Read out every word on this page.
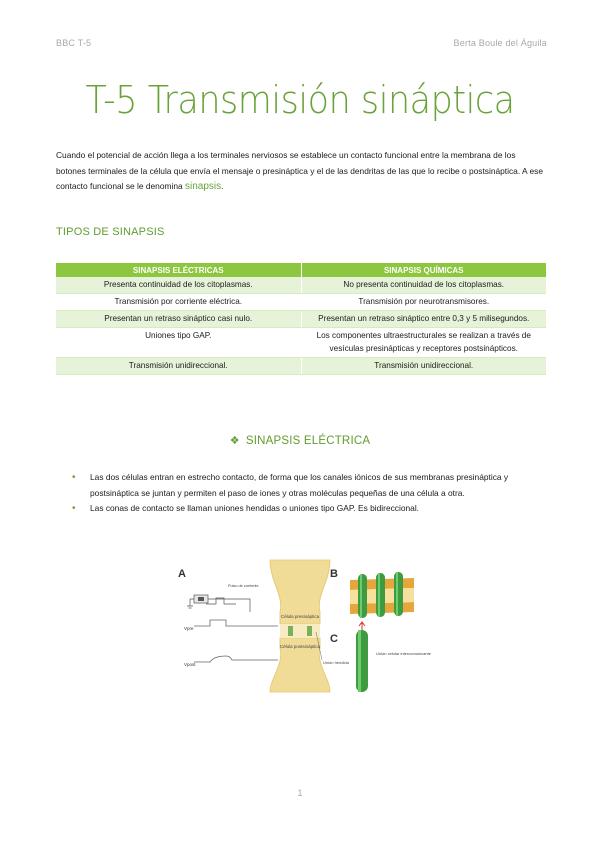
BBC T-5	Berta Boule del Águila
T-5 Transmisión sináptica

Cuando el potencial de acción llega a los terminales nerviosos se establece un contacto funcional entre la membrana de los botones terminales de la célula que envía el mensaje o presináptica y el de las dendritas de las que lo recibe o postsináptica. A ese contacto funcional se le denomina sinapsis.

TIPOS DE SINAPSIS
SINAPSIS ELÉCTRICAS	SINAPSIS QUÍMICAS
Presenta continuidad de los citoplasmas.	No presenta continuidad de los citoplasmas.
Transmisión por corriente eléctrica.	Transmisión por neurotransmisores.
Presentan un retraso sináptico casi nulo.	Presentan un retraso sináptico entre 0,3 y 5 milisegundos.
Uniones tipo GAP.	Los componentes ultraestructurales se realizan a través de vesículas presinápticas y receptores postsinápticos.
Transmisión unidireccional.	Transmisión unidireccional.
❖ SINAPSIS ELÉCTRICA
• Las dos células entran en estrecho contacto, de forma que los canales iónicos de sus membranas presináptica y postsináptica se juntan y permiten el paso de iones y otras moléculas pequeñas de una célula a otra.
• Las conas de contacto se llaman uniones hendidas o uniones tipo GAP. Es bidireccional.
A
Pulso de corriente
Célula presináptica
Célula postsináptica
Vpre
Vpost	Unión hendida
B
C
Unión celular intercomunicante
1
